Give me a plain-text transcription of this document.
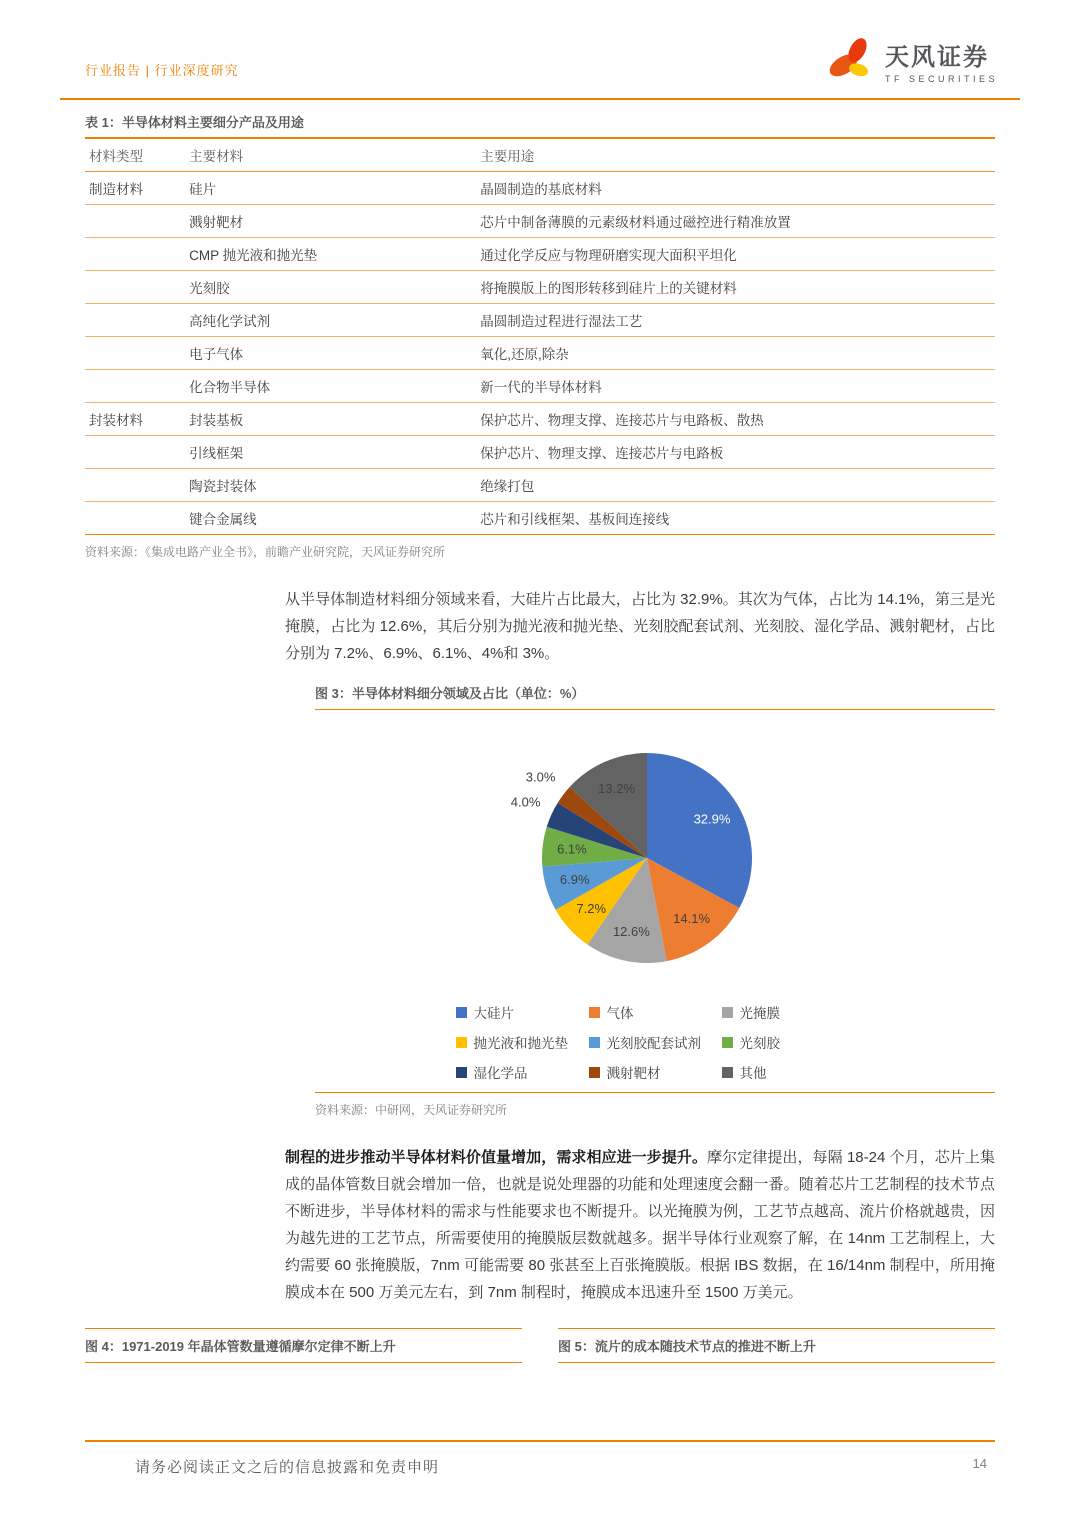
行业报告 | 行业深度研究	天风证券
TF SECURITIES
表 1：半导体材料主要细分产品及用途
材料类型	主要材料	主要用途
制造材料	硅片	晶圆制造的基底材料
	溅射靶材	芯片中制备薄膜的元素级材料通过磁控进行精准放置
	CMP 抛光液和抛光垫	通过化学反应与物理研磨实现大面积平坦化
	光刻胶	将掩膜版上的图形转移到硅片上的关键材料
	高纯化学试剂	晶圆制造过程进行湿法工艺
	电子气体	氧化,还原,除杂
	化合物半导体	新一代的半导体材料
封装材料	封装基板	保护芯片、物理支撑、连接芯片与电路板、散热
	引线框架	保护芯片、物理支撑、连接芯片与电路板
	陶瓷封装体	绝缘打包
	键合金属线	芯片和引线框架、基板间连接线
资料来源：《集成电路产业全书》，前瞻产业研究院，天风证券研究所
从半导体制造材料细分领域来看，大硅片占比最大，占比为 32.9%。其次为气体，占比为 14.1%，第三是光掩膜，占比为 12.6%，其后分别为抛光液和抛光垫、光刻胶配套试剂、光刻胶、湿化学品、溅射靶材，占比分别为 7.2%、6.9%、6.1%、4%和 3%。
图 3：半导体材料细分领域及占比（单位：%）
32.9%
14.1%
12.6%
7.2%
6.9%
6.1%
4.0%
3.0%
13.2%
大硅片	气体	光掩膜
抛光液和抛光垫	光刻胶配套试剂	光刻胶
湿化学品	溅射靶材	其他
资料来源：中研网，天风证券研究所
制程的进步推动半导体材料价值量增加，需求相应进一步提升。摩尔定律提出，每隔 18-24 个月，芯片上集成的晶体管数目就会增加一倍，也就是说处理器的功能和处理速度会翻一番。随着芯片工艺制程的技术节点不断进步，半导体材料的需求与性能要求也不断提升。以光掩膜为例，工艺节点越高、流片价格就越贵，因为越先进的工艺节点，所需要使用的掩膜版层数就越多。据半导体行业观察了解，在 14nm 工艺制程上，大约需要 60 张掩膜版，7nm 可能需要 80 张甚至上百张掩膜版。根据 IBS 数据，在 16/14nm 制程中，所用掩膜成本在 500 万美元左右，到 7nm 制程时，掩膜成本迅速升至 1500 万美元。
图 4：1971-2019 年晶体管数量遵循摩尔定律不断上升	图 5：流片的成本随技术节点的推进不断上升
请务必阅读正文之后的信息披露和免责申明	14
